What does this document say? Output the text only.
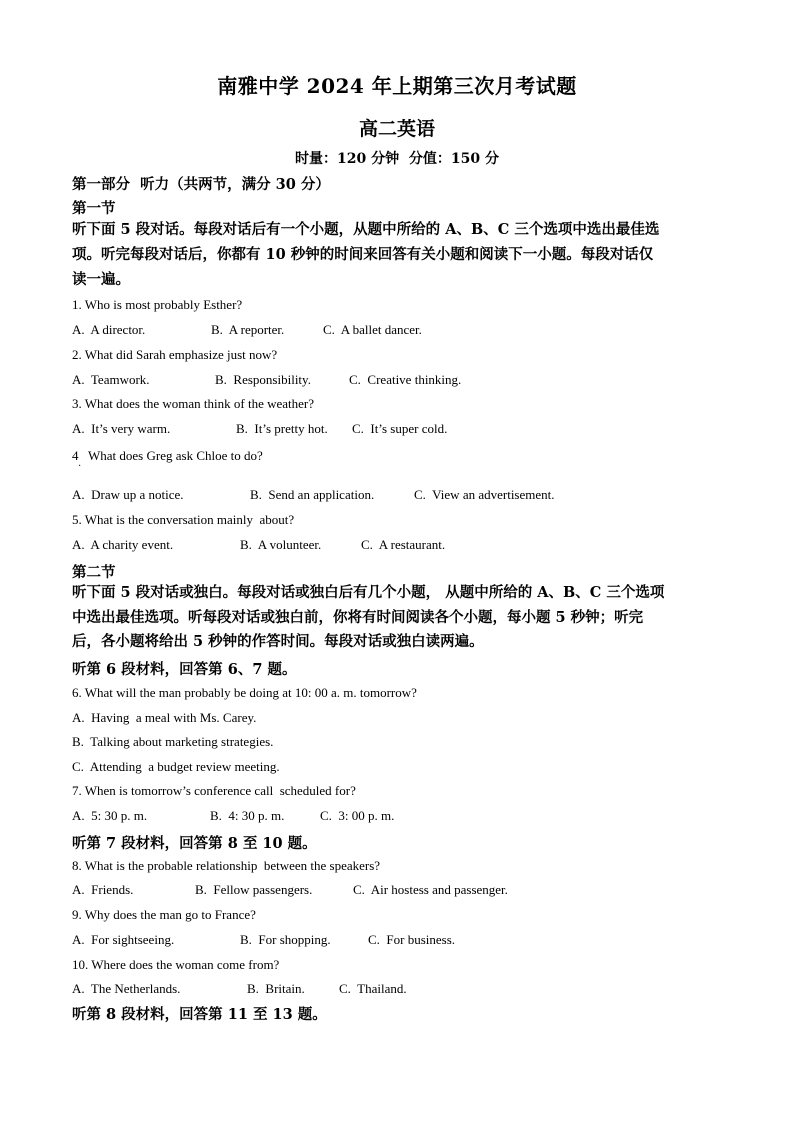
南雅中学 2024 年上期第三次月考试题
高二英语
时量：120 分钟  分值：150 分
第一部分  听力（共两节，满分 30 分）
第一节
听下面 5 段对话。每段对话后有一个小题，从题中所给的 A、B、C 三个选项中选出最佳选
项。听完每段对话后，你都有 10 秒钟的时间来回答有关小题和阅读下一小题。每段对话仅
读一遍。
1. Who is most probably Esther?
A.  A director.	B.  A reporter.	C.  A ballet dancer.
2. What did Sarah emphasize just now?
A.  Teamwork.	B.  Responsibility.	C.  Creative thinking.
3. What does the woman think of the weather?
A.  It’s very warm.	B.  It’s pretty hot. C.  It’s super cold.
4   What does Greg ask Chloe to do?
·
A.  Draw up a notice.	B.  Send an application.	C.  View an advertisement.
5. What is the conversation mainly  about?
A.  A charity event.	B.  A volunteer.	C.  A restaurant.
第二节
听下面 5 段对话或独白。每段对话或独白后有几个小题， 从题中所给的 A、B、C 三个选项
中选出最佳选项。听每段对话或独白前，你将有时间阅读各个小题，每小题 5 秒钟；听完
后，各小题将给出 5 秒钟的作答时间。每段对话或独白读两遍。
听第 6 段材料，回答第 6、7 题。
6. What will the man probably be doing at 10: 00 a. m. tomorrow?
A.  Having  a meal with Ms. Carey.
B.  Talking about marketing strategies.
C.  Attending  a budget review meeting.
7. When is tomorrow’s conference call  scheduled for?
A.  5: 30 p. m.	B.  4: 30 p. m.	C.  3: 00 p. m.
听第 7 段材料，回答第 8 至 10 题。
8. What is the probable relationship  between the speakers?
A.  Friends.	B.  Fellow passengers.	C.  Air hostess and passenger.
9. Why does the man go to France?
A.  For sightseeing.	B.  For shopping.	C.  For business.
10. Where does the woman come from?
A.  The Netherlands.	B.  Britain.	C.  Thailand.
听第 8 段材料，回答第 11 至 13 题。
